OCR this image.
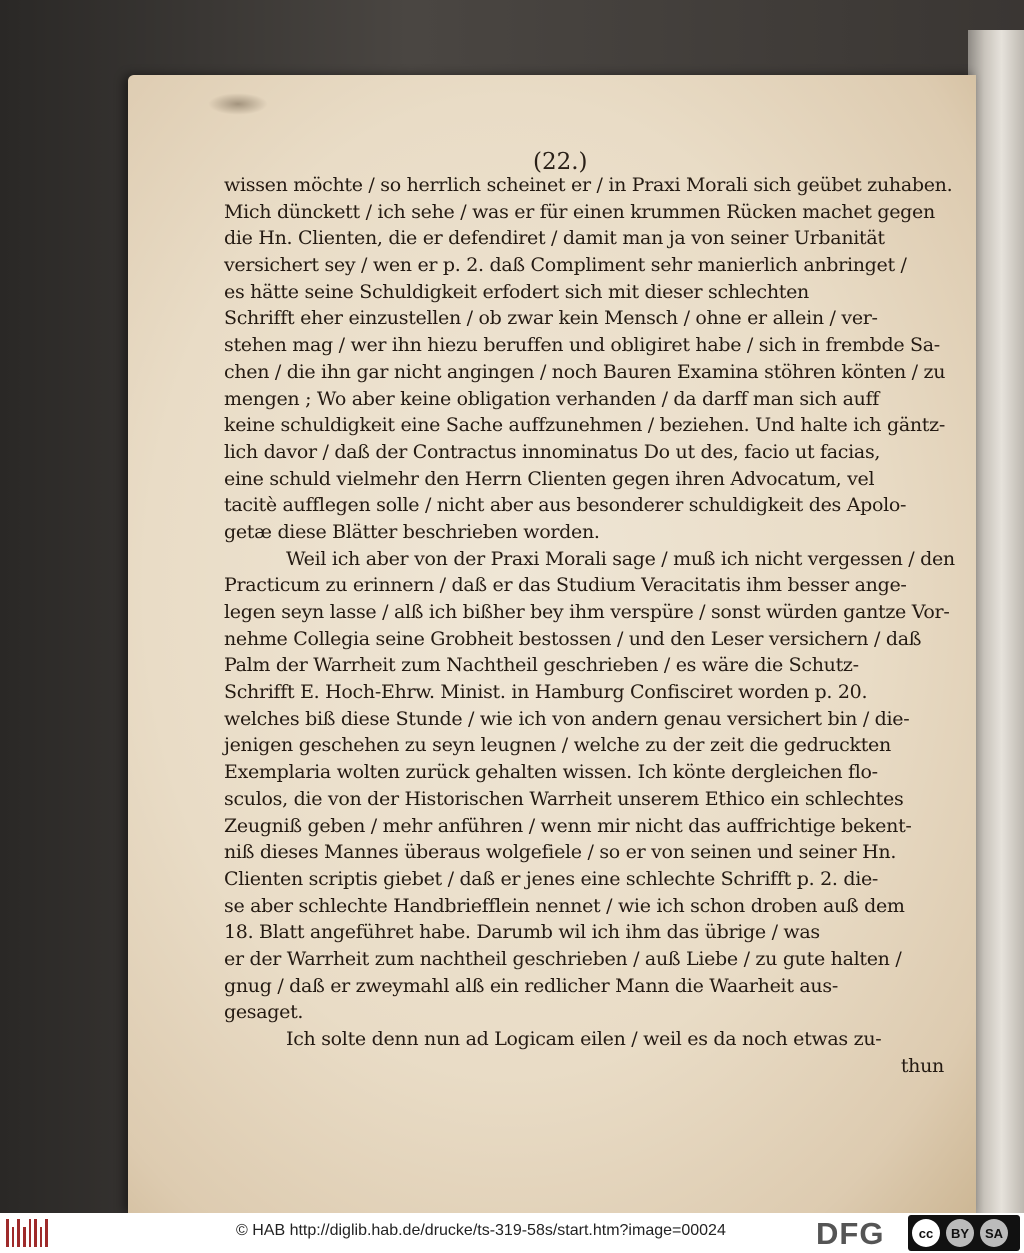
(22.)
wissen möchte / so herrlich scheinet er / in Praxi Morali sich geübet zuhaben.
Mich dünckett / ich sehe / was er für einen krummen Rücken machet gegen
die Hn. Clienten, die er defendiret / damit man ja von seiner Urbanität
versichert sey / wen er p. 2. daß Compliment sehr manierlich anbringet /
es hätte seine Schuldigkeit erfodert sich mit dieser schlechten
Schrifft eher einzustellen / ob zwar kein Mensch / ohne er allein / ver-
stehen mag / wer ihn hiezu beruffen und obligiret habe / sich in frembde Sa-
chen / die ihn gar nicht angingen / noch Bauren Examina stöhren könten / zu
mengen ; Wo aber keine obligation verhanden / da darff man sich auff
keine schuldigkeit eine Sache auffzunehmen / beziehen. Und halte ich gäntz-
lich davor / daß der Contractus innominatus Do ut des, facio ut facias,
eine schuld vielmehr den Herrn Clienten gegen ihren Advocatum, vel
tacitè aufflegen solle / nicht aber aus besonderer schuldigkeit des Apolo-
getæ diese Blätter beschrieben worden.
Weil ich aber von der Praxi Morali sage / muß ich nicht vergessen / den
Practicum zu erinnern / daß er das Studium Veracitatis ihm besser ange-
legen seyn lasse / alß ich bißher bey ihm verspüre / sonst würden gantze Vor-
nehme Collegia seine Grobheit bestossen / und den Leser versichern / daß
Palm der Warrheit zum Nachtheil geschrieben / es wäre die Schutz-
Schrifft E. Hoch-Ehrw. Minist. in Hamburg Confisciret worden p. 20.
welches biß diese Stunde / wie ich von andern genau versichert bin / die-
jenigen geschehen zu seyn leugnen / welche zu der zeit die gedruckten
Exemplaria wolten zurück gehalten wissen. Ich könte dergleichen flo-
sculos, die von der Historischen Warrheit unserem Ethico ein schlechtes
Zeugniß geben / mehr anführen / wenn mir nicht das auffrichtige bekent-
niß dieses Mannes überaus wolgefiele / so er von seinen und seiner Hn.
Clienten scriptis giebet / daß er jenes eine schlechte Schrifft p. 2. die-
se aber schlechte Handbriefflein nennet / wie ich schon droben auß dem
18. Blatt angeführet habe. Darumb wil ich ihm das übrige / was
er der Warrheit zum nachtheil geschrieben / auß Liebe / zu gute halten /
gnug / daß er zweymahl alß ein redlicher Mann die Waarheit aus-
gesaget.
Ich solte denn nun ad Logicam eilen / weil es da noch etwas zu-
thun
© HAB http://diglib.hab.de/drucke/ts-319-58s/start.htm?image=00024	DFG	cc	BY	SA
